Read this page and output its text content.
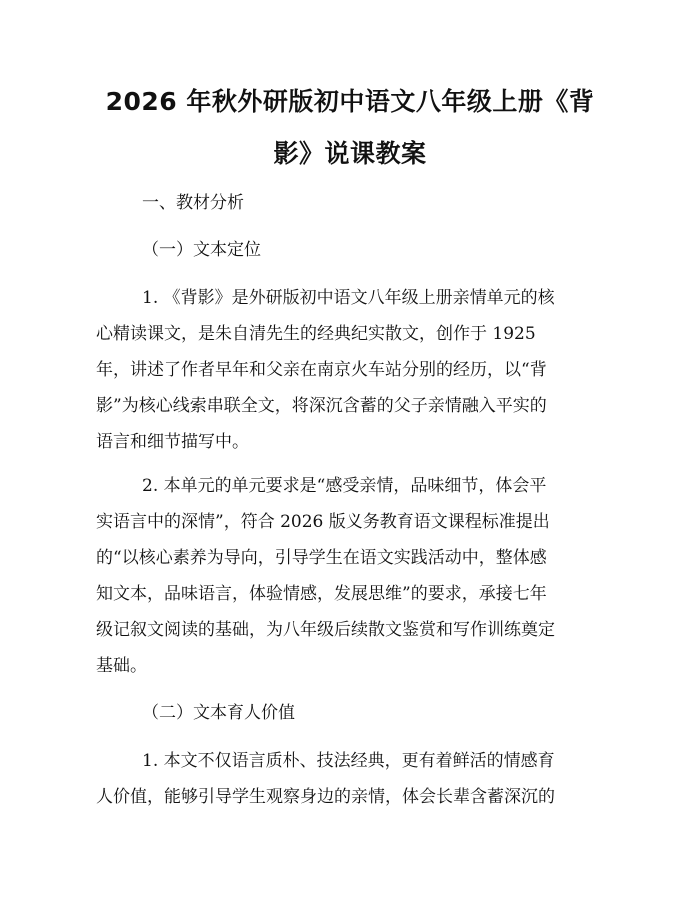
2026 年秋外研版初中语文八年级上册《背
影》说课教案
一、教材分析
（一）文本定位
1. 《背影》是外研版初中语文八年级上册亲情单元的核
心精读课文，是朱自清先生的经典纪实散文，创作于 1925
年，讲述了作者早年和父亲在南京火车站分别的经历，以“背
影”为核心线索串联全文，将深沉含蓄的父子亲情融入平实的
语言和细节描写中。
2. 本单元的单元要求是“感受亲情，品味细节，体会平
实语言中的深情”，符合 2026 版义务教育语文课程标准提出
的“以核心素养为导向，引导学生在语文实践活动中，整体感
知文本，品味语言，体验情感，发展思维”的要求，承接七年
级记叙文阅读的基础，为八年级后续散文鉴赏和写作训练奠定
基础。
（二）文本育人价值
1. 本文不仅语言质朴、技法经典，更有着鲜活的情感育
人价值，能够引导学生观察身边的亲情，体会长辈含蓄深沉的
